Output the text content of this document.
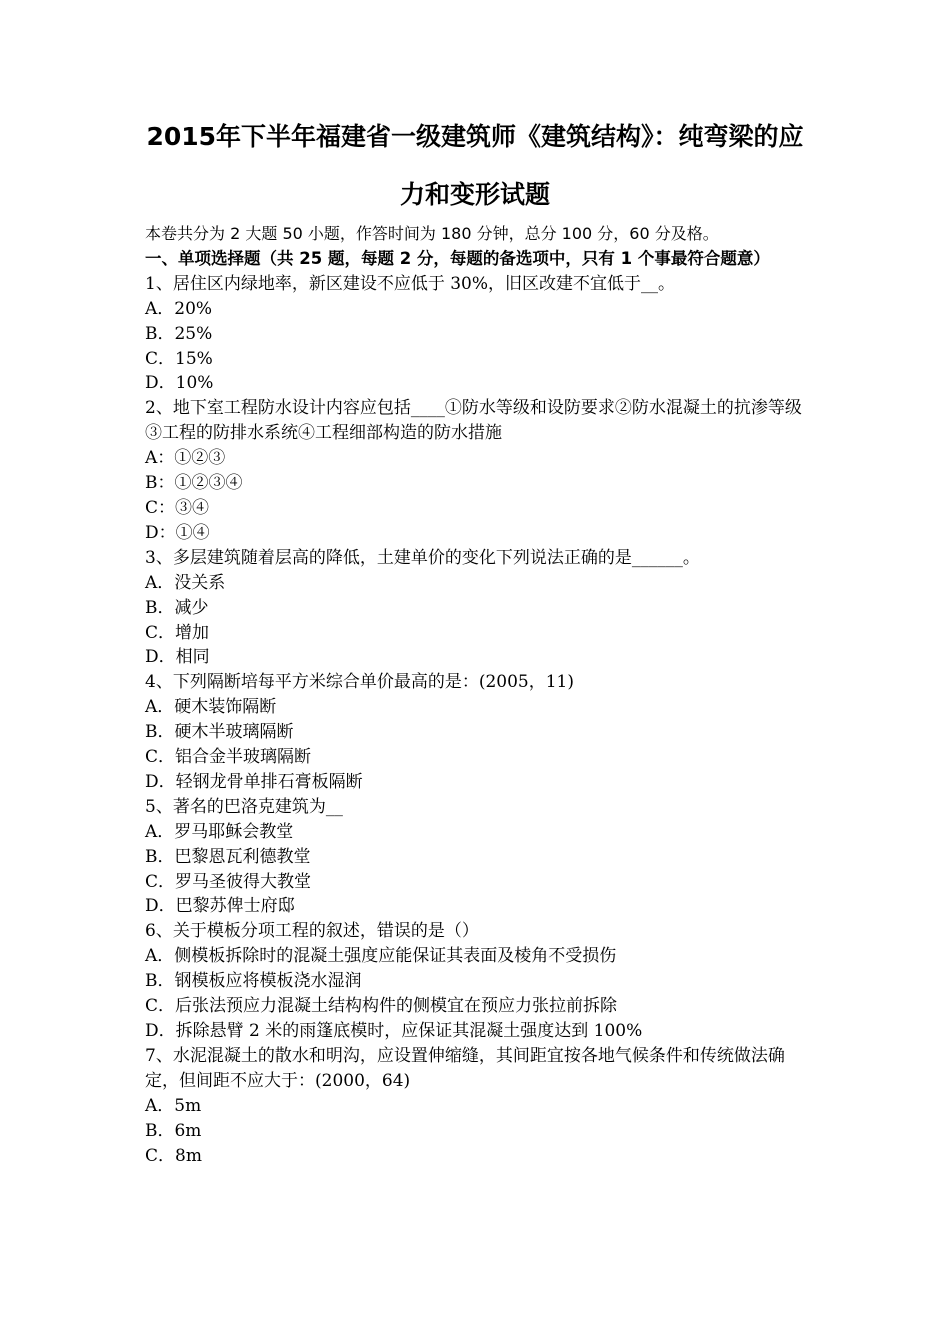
2015年下半年福建省一级建筑师《建筑结构》：纯弯梁的应
力和变形试题
本卷共分为 2 大题 50 小题，作答时间为 180 分钟，总分 100 分，60 分及格。
一、单项选择题（共 25 题，每题 2 分，每题的备选项中，只有 1 个事最符合题意）
1、居住区内绿地率，新区建设不应低于 30%，旧区改建不宜低于__。
A．20%
B．25%
C．15%
D．10%
2、地下室工程防水设计内容应包括____①防水等级和设防要求②防水混凝土的抗渗等级③工程的防排水系统④工程细部构造的防水措施
A：①②③
B：①②③④
C：③④
D：①④
3、多层建筑随着层高的降低，土建单价的变化下列说法正确的是______。
A．没关系
B．减少
C．增加
D．相同
4、下列隔断培每平方米综合单价最高的是：(2005，11)
A．硬木装饰隔断
B．硬木半玻璃隔断
C．铝合金半玻璃隔断
D．轻钢龙骨单排石膏板隔断
5、著名的巴洛克建筑为__
A．罗马耶稣会教堂
B．巴黎恩瓦利德教堂
C．罗马圣彼得大教堂
D．巴黎苏俾士府邸
6、关于模板分项工程的叙述，错误的是（）
A．侧模板拆除时的混凝土强度应能保证其表面及棱角不受损伤
B．钢模板应将模板浇水湿润
C．后张法预应力混凝土结构构件的侧模宜在预应力张拉前拆除
D．拆除悬臂 2 米的雨篷底模时，应保证其混凝土强度达到 100%
7、水泥混凝土的散水和明沟，应设置伸缩缝，其间距宜按各地气候条件和传统做法确定，但间距不应大于：(2000，64)
A．5m
B．6m
C．8m
